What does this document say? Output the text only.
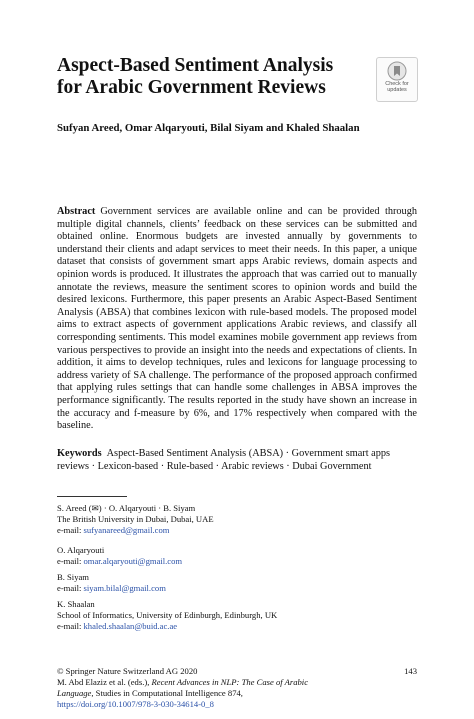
Aspect-Based Sentiment Analysis
for Arabic Government Reviews	Check for
updates

Sufyan Areed, Omar Alqaryouti, Bilal Siyam and Khaled Shaalan

Abstract Government services are available online and can be provided through multiple digital channels, clients’ feedback on these services can be submitted and obtained online. Enormous budgets are invested annually by governments to understand their clients and adapt services to meet their needs. In this paper, a unique dataset that consists of government smart apps Arabic reviews, domain aspects and opinion words is produced. It illustrates the approach that was carried out to manually annotate the reviews, measure the sentiment scores to opinion words and build the desired lexicons. Furthermore, this paper presents an Arabic Aspect-Based Sentiment Analysis (ABSA) that combines lexicon with rule-based models. The proposed model aims to extract aspects of government applications Arabic reviews, and classify all corresponding sentiments. This model examines mobile government app reviews from various perspectives to provide an insight into the needs and expectations of clients. In addition, it aims to develop techniques, rules and lexicons for language processing to address variety of SA challenge. The performance of the proposed approach confirmed that applying rules settings that can handle some challenges in ABSA improves the performance significantly. The results reported in the study have shown an increase in the accuracy and f-measure by 6%, and 17% respectively when compared with the baseline.

Keywords Aspect-Based Sentiment Analysis (ABSA) · Government smart apps reviews · Lexicon-based · Rule-based · Arabic reviews · Dubai Government

S. Areed (✉) · O. Alqaryouti · B. Siyam
The British University in Dubai, Dubai, UAE
e-mail: sufyanareed@gmail.com
O. Alqaryouti
e-mail: omar.alqaryouti@gmail.com
B. Siyam
e-mail: siyam.bilal@gmail.com
K. Shaalan
School of Informatics, University of Edinburgh, Edinburgh, UK
e-mail: khaled.shaalan@buid.ac.ae
© Springer Nature Switzerland AG 2020
M. Abd Elaziz et al. (eds.), Recent Advances in NLP: The Case of Arabic
Language, Studies in Computational Intelligence 874,
https://doi.org/10.1007/978-3-030-34614-0_8
143
